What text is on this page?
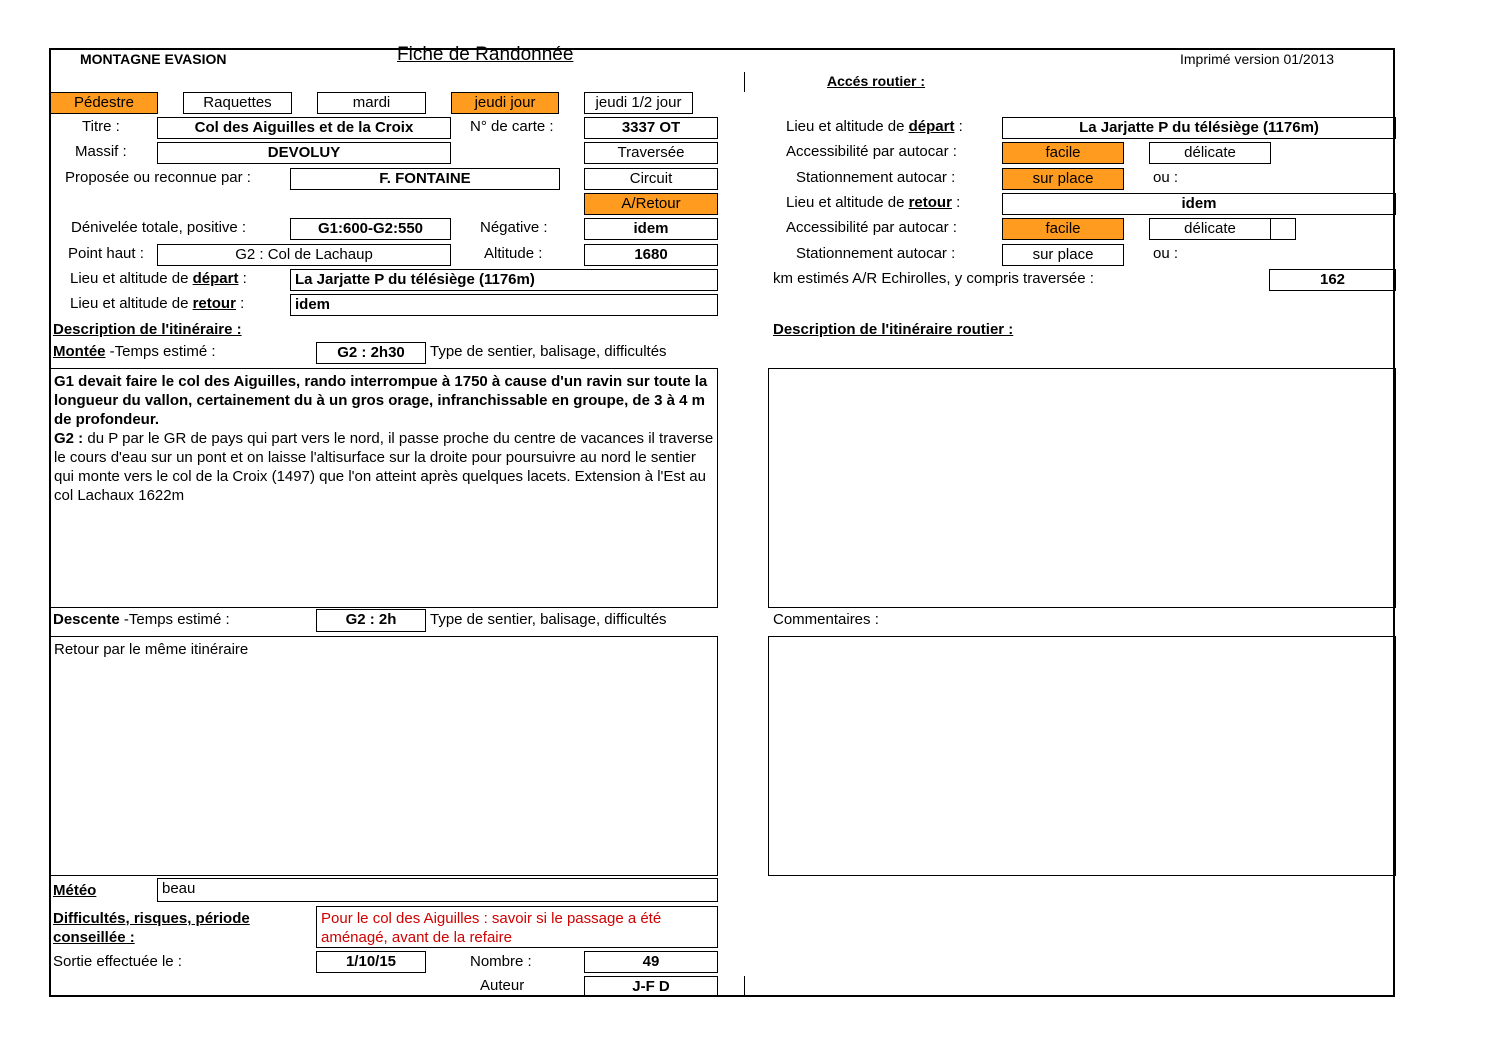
MONTAGNE EVASION	Fiche de Randonnée	Imprimé version 01/2013
Accés routier :
Pédestre	Raquettes	mardi	jeudi jour	jeudi 1/2 jour
Titre :	Col des Aiguilles et de la Croix	N° de carte :	3337 OT
Massif :	DEVOLUY	Traversée
Proposée ou reconnue par :	F. FONTAINE	Circuit
A/Retour
Dénivelée totale, positive :	G1:600-G2:550	Négative :	idem
Point haut :	G2 : Col de Lachaup	Altitude :	1680
Lieu et altitude de départ :	La Jarjatte P du télésiège (1176m)
Lieu et altitude de retour :	idem
Lieu et altitude de départ :	La Jarjatte P du télésiège (1176m)
Accessibilité par autocar :	facile	délicate
Stationnement autocar :	sur place	ou :
Lieu et altitude de retour :	idem
Accessibilité par autocar :	facile	délicate
Stationnement autocar :	sur place	ou :
km estimés A/R Echirolles, y compris traversée :	162
Description de l'itinéraire :	Description de l'itinéraire routier :
Montée -Temps estimé :	G2 : 2h30	Type de sentier, balisage, difficultés
G1 devait faire le col des Aiguilles, rando interrompue à 1750 à cause d'un ravin sur toute la longueur du vallon, certainement du à un gros orage, infranchissable en groupe, de 3 à 4 m de profondeur.
G2 : du P par le GR de pays qui part vers le nord, il passe proche du centre de vacances il traverse le cours d'eau sur un pont et on laisse l'altisurface sur la droite pour poursuivre au nord le sentier qui monte vers le col de la Croix (1497) que l'on atteint après quelques lacets. Extension à l'Est au col Lachaux 1622m
Descente -Temps estimé :	G2 : 2h	Type de sentier, balisage, difficultés	Commentaires :
Retour par le même itinéraire
Météo	beau
Difficultés, risques, période
conseillée :
Pour le col des Aiguilles : savoir si le passage a été aménagé, avant de la refaire
Sortie effectuée le :	1/10/15	Nombre :	49
Auteur	J-F D
